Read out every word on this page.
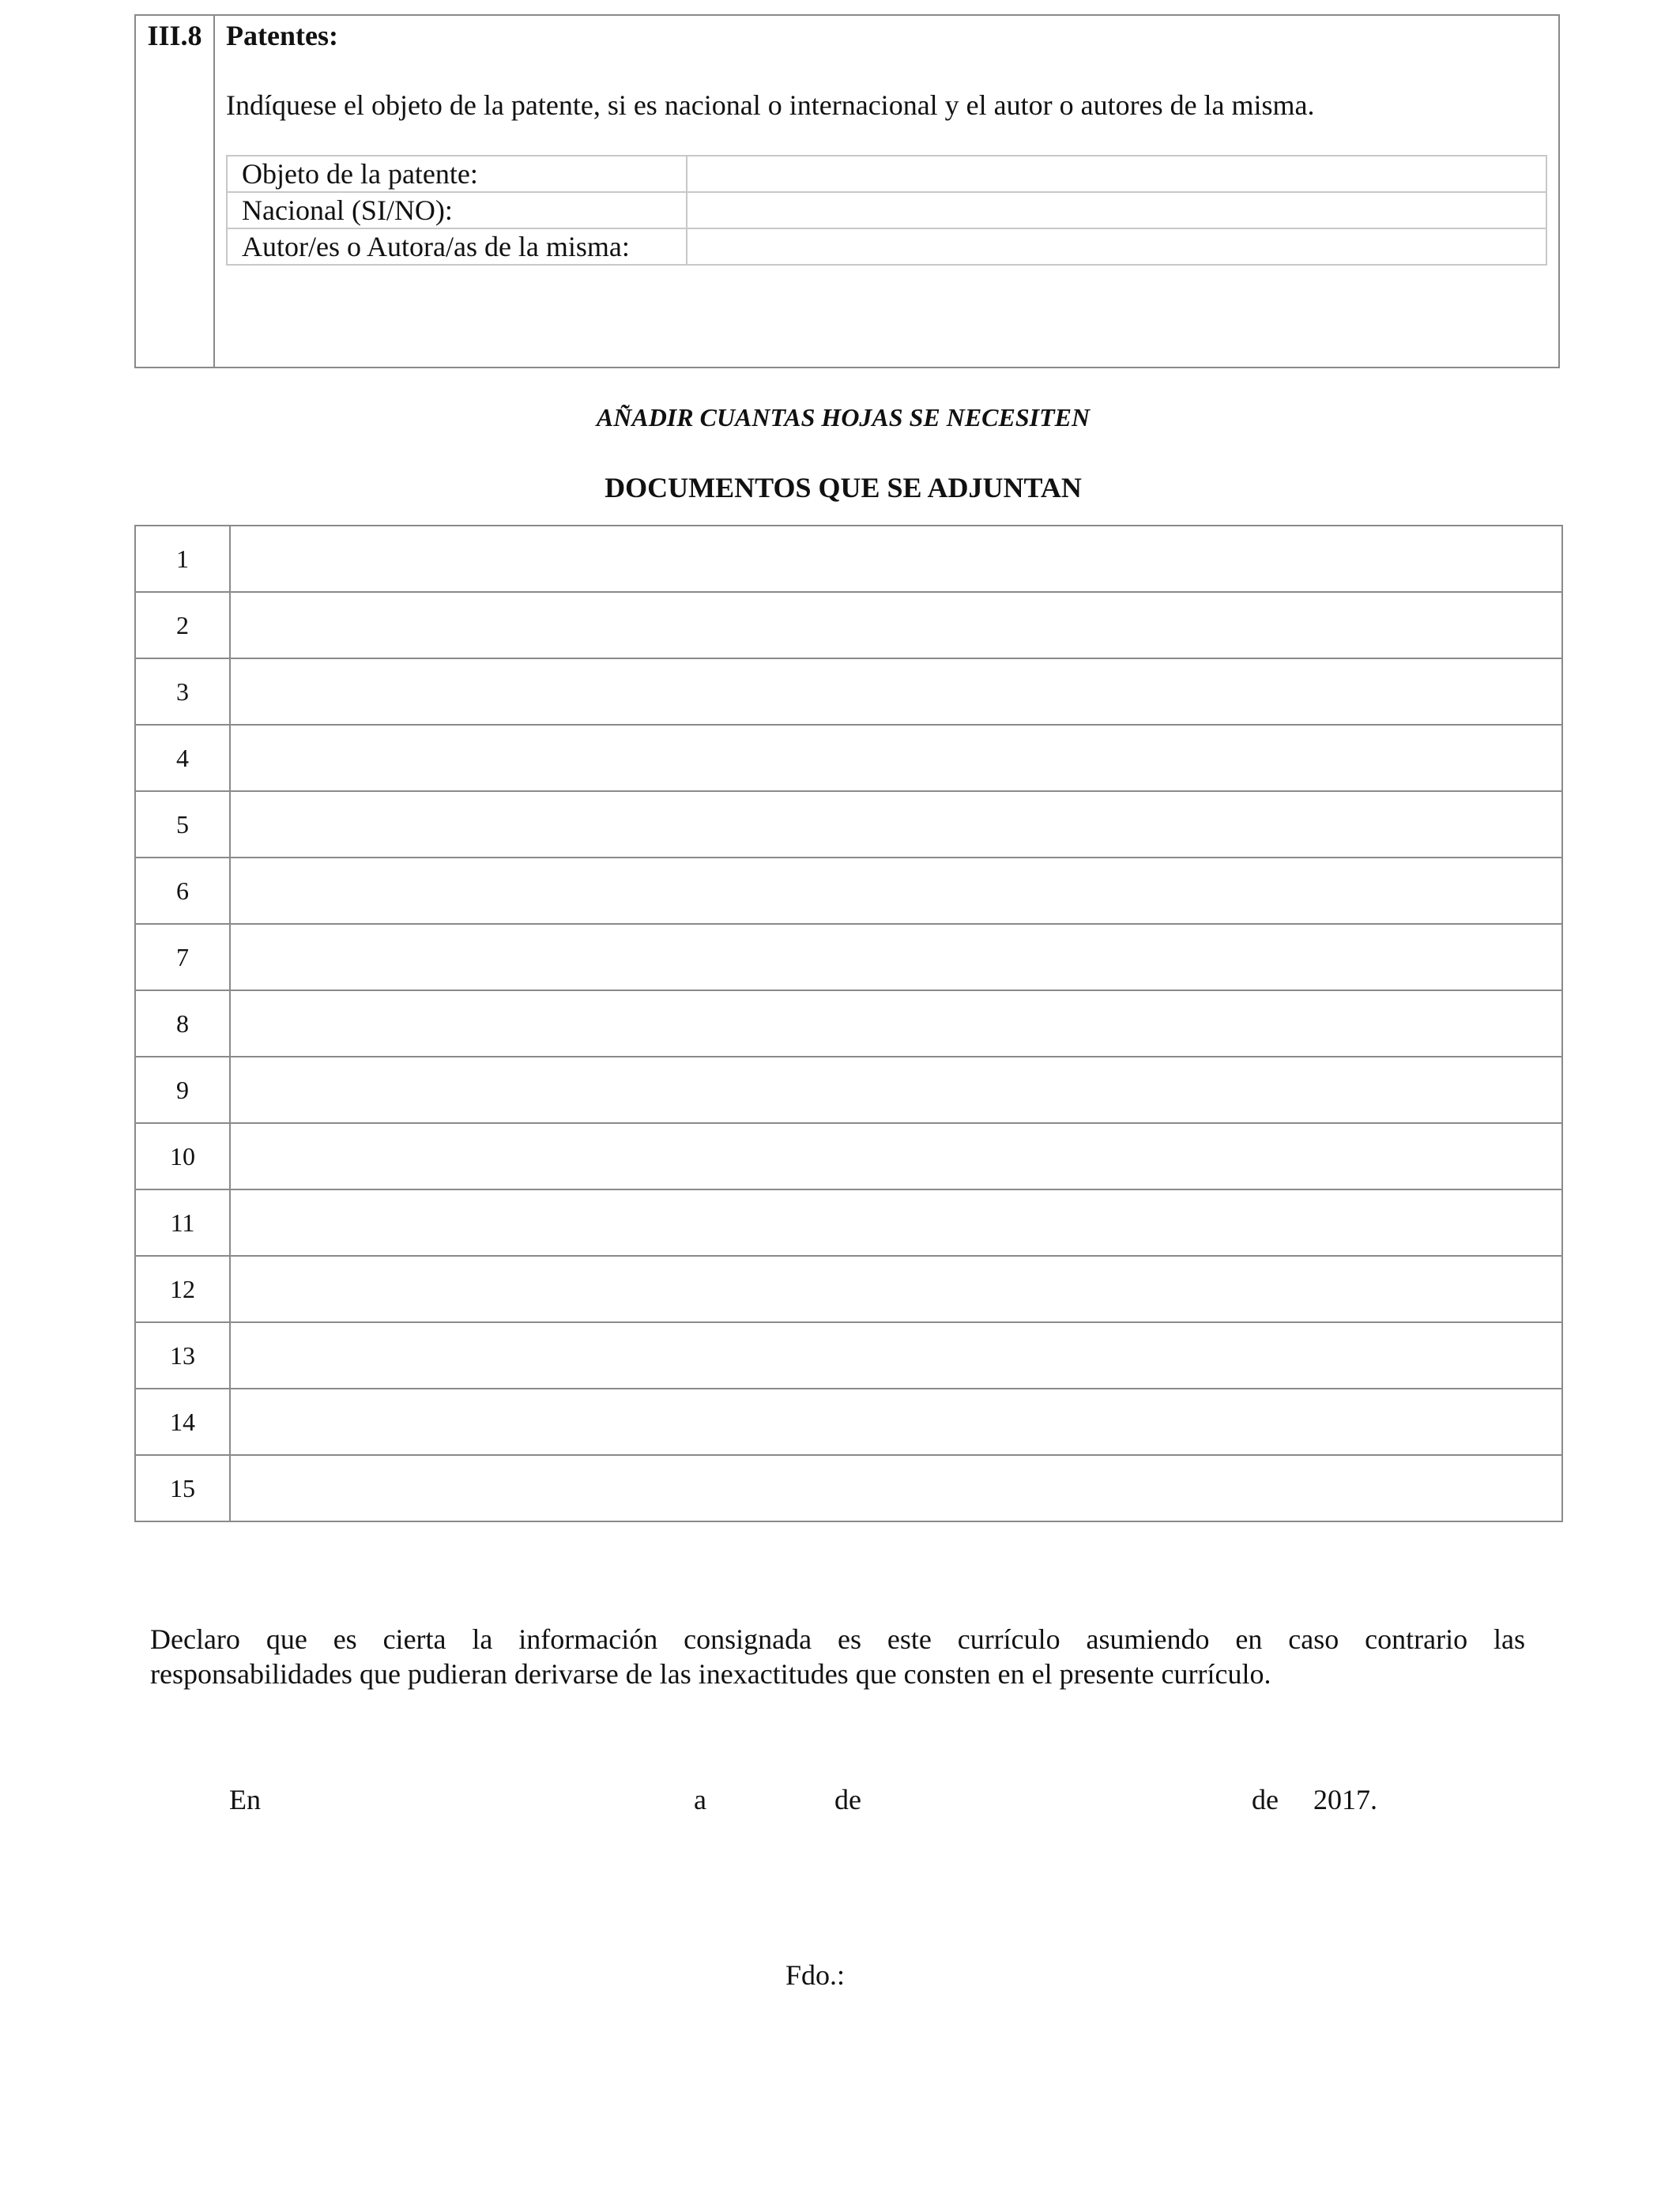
III.8 Patentes:
Indíquese el objeto de la patente, si es nacional o internacional y el autor o autores de la misma.
Objeto de la patente:	
Nacional (SI/NO):	
Autor/es o Autora/as de la misma:	
AÑADIR CUANTAS HOJAS SE NECESITEN
DOCUMENTOS QUE SE ADJUNTAN
1	
2	
3	
4	
5	
6	
7	
8	
9	
10	
11	
12	
13	
14	
15	
Declaro que es cierta la información consignada es este currículo asumiendo en caso contrario las
responsabilidades que pudieran derivarse de las inexactitudes que consten en el presente currículo.
En	a	de	de 2017.
Fdo.:
